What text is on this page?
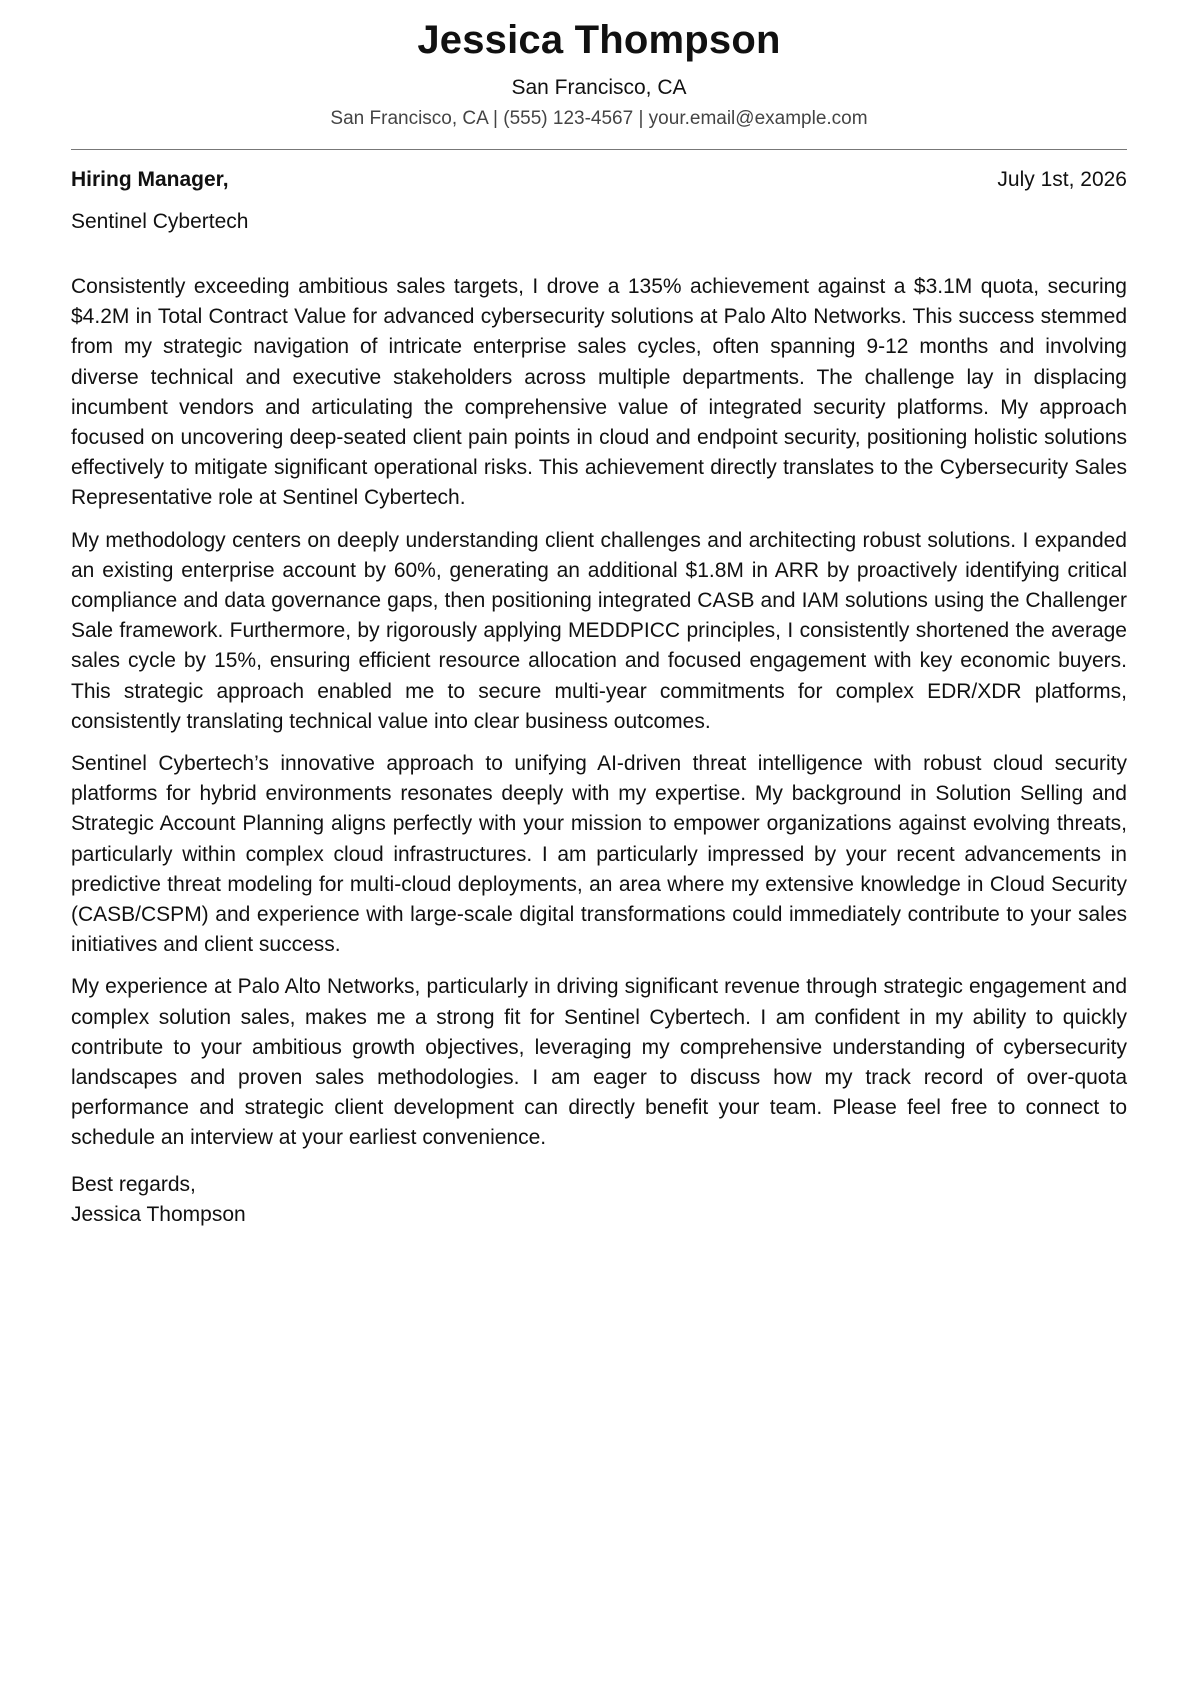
Jessica Thompson
San Francisco, CA
San Francisco, CA | (555) 123-4567 | your.email@example.com
Hiring Manager,	July 1st, 2026
Sentinel Cybertech

Consistently exceeding ambitious sales targets, I drove a 135% achievement against a $3.1M quota, securing $4.2M in Total Contract Value for advanced cybersecurity solutions at Palo Alto Networks. This success stemmed from my strategic navigation of intricate enterprise sales cycles, often spanning 9-12 months and involving diverse technical and executive stakeholders across multiple departments. The challenge lay in displacing incumbent vendors and articulating the comprehensive value of integrated security platforms. My approach focused on uncovering deep-seated client pain points in cloud and endpoint security, positioning holistic solutions effectively to mitigate significant operational risks. This achievement directly translates to the Cybersecurity Sales Representative role at Sentinel Cybertech.

My methodology centers on deeply understanding client challenges and architecting robust solutions. I expanded an existing enterprise account by 60%, generating an additional $1.8M in ARR by proactively identifying critical compliance and data governance gaps, then positioning integrated CASB and IAM solutions using the Challenger Sale framework. Furthermore, by rigorously applying MEDDPICC principles, I consistently shortened the average sales cycle by 15%, ensuring efficient resource allocation and focused engagement with key economic buyers. This strategic approach enabled me to secure multi-year commitments for complex EDR/XDR platforms, consistently translating technical value into clear business outcomes.

Sentinel Cybertech’s innovative approach to unifying AI-driven threat intelligence with robust cloud security platforms for hybrid environments resonates deeply with my expertise. My background in Solution Selling and Strategic Account Planning aligns perfectly with your mission to empower organizations against evolving threats, particularly within complex cloud infrastructures. I am particularly impressed by your recent advancements in predictive threat modeling for multi-cloud deployments, an area where my extensive knowledge in Cloud Security (CASB/CSPM) and experience with large-scale digital transformations could immediately contribute to your sales initiatives and client success.

My experience at Palo Alto Networks, particularly in driving significant revenue through strategic engagement and complex solution sales, makes me a strong fit for Sentinel Cybertech. I am confident in my ability to quickly contribute to your ambitious growth objectives, leveraging my comprehensive understanding of cybersecurity landscapes and proven sales methodologies. I am eager to discuss how my track record of over-quota performance and strategic client development can directly benefit your team. Please feel free to connect to schedule an interview at your earliest convenience.

Best regards,
Jessica Thompson
